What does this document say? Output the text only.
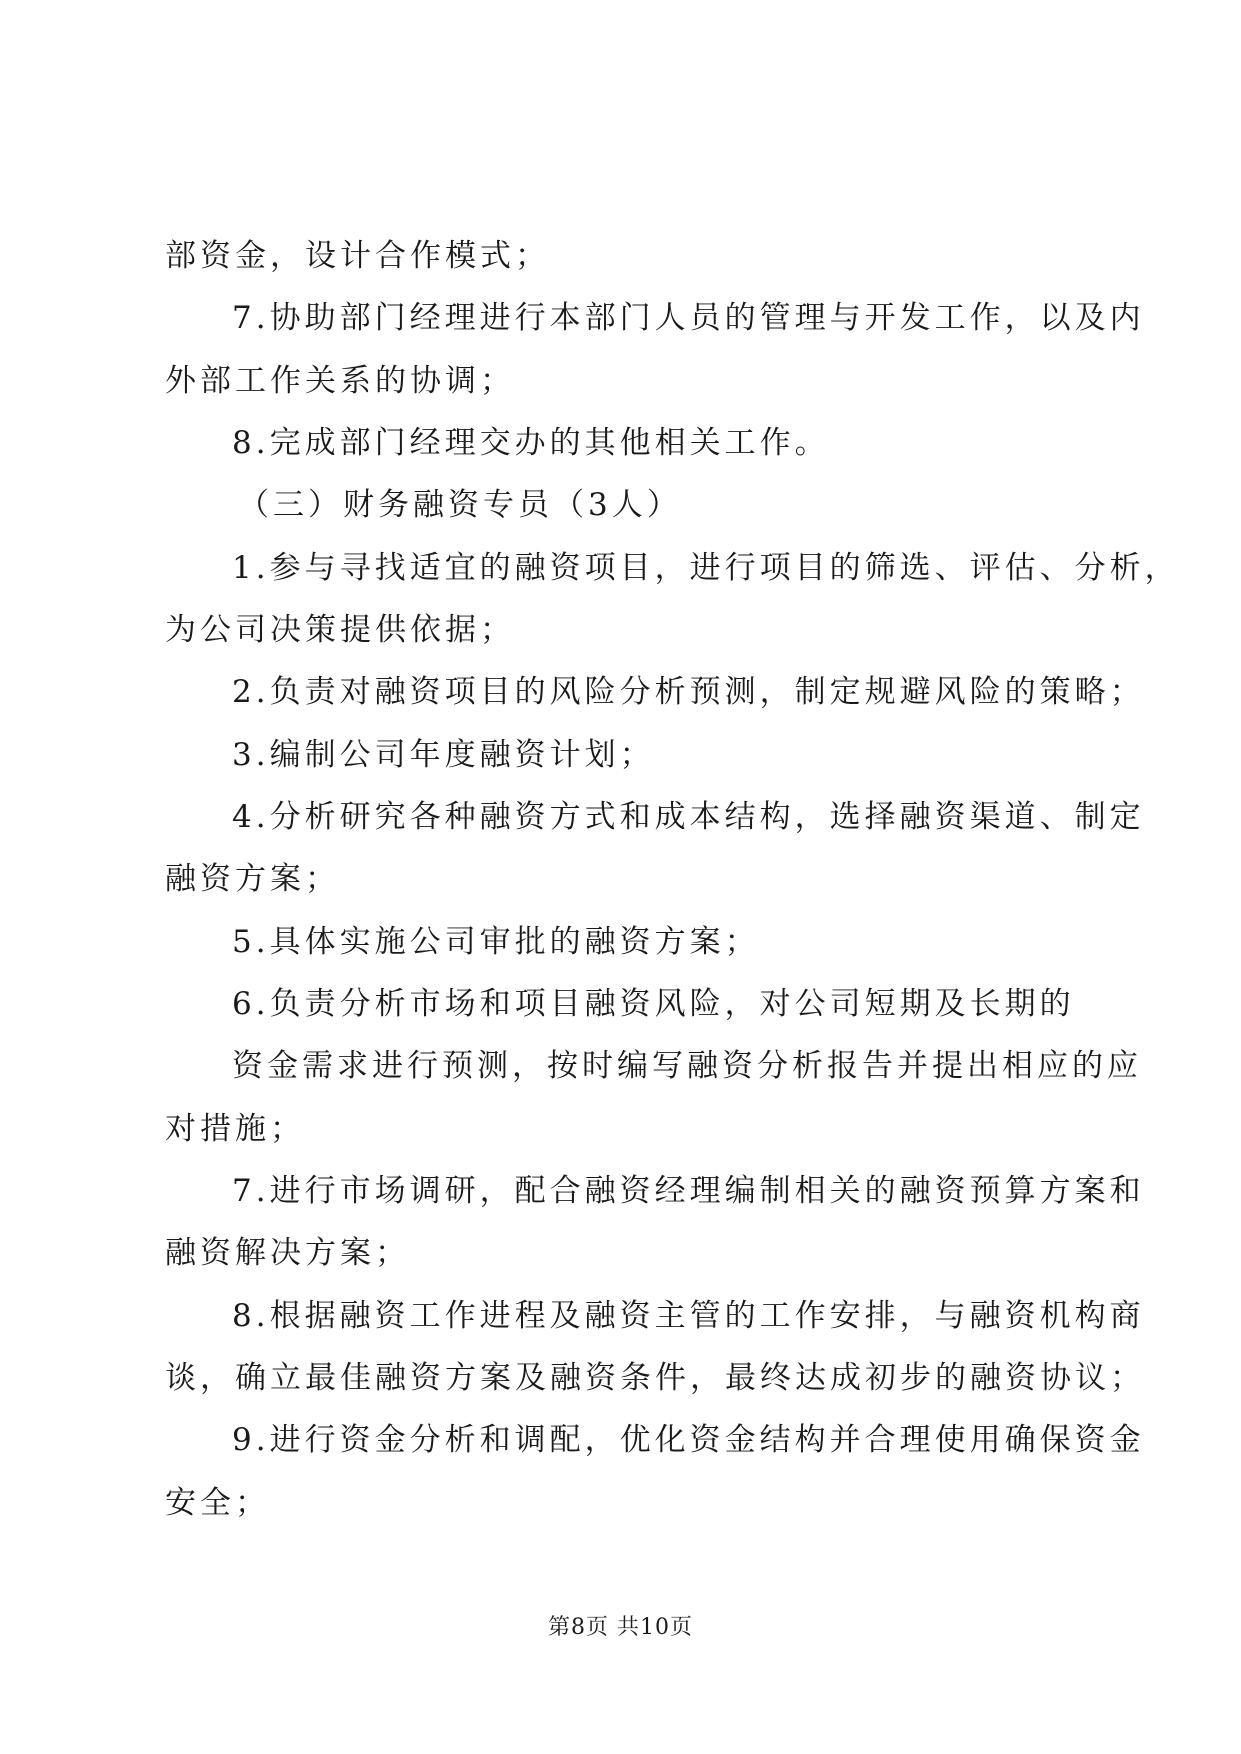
部资金，设计合作模式；
7.协助部门经理进行本部门人员的管理与开发工作，以及内
外部工作关系的协调；
8.完成部门经理交办的其他相关工作。
（三）财务融资专员（3人）
1.参与寻找适宜的融资项目，进行项目的筛选、评估、分析，
为公司决策提供依据；
2.负责对融资项目的风险分析预测，制定规避风险的策略；
3.编制公司年度融资计划；
4.分析研究各种融资方式和成本结构，选择融资渠道、制定
融资方案；
5.具体实施公司审批的融资方案；
6.负责分析市场和项目融资风险，对公司短期及长期的
资金需求进行预测，按时编写融资分析报告并提出相应的应
对措施；
7.进行市场调研，配合融资经理编制相关的融资预算方案和
融资解决方案；
8.根据融资工作进程及融资主管的工作安排，与融资机构商
谈，确立最佳融资方案及融资条件，最终达成初步的融资协议；
9.进行资金分析和调配，优化资金结构并合理使用确保资金
安全；
第8页 共10页
